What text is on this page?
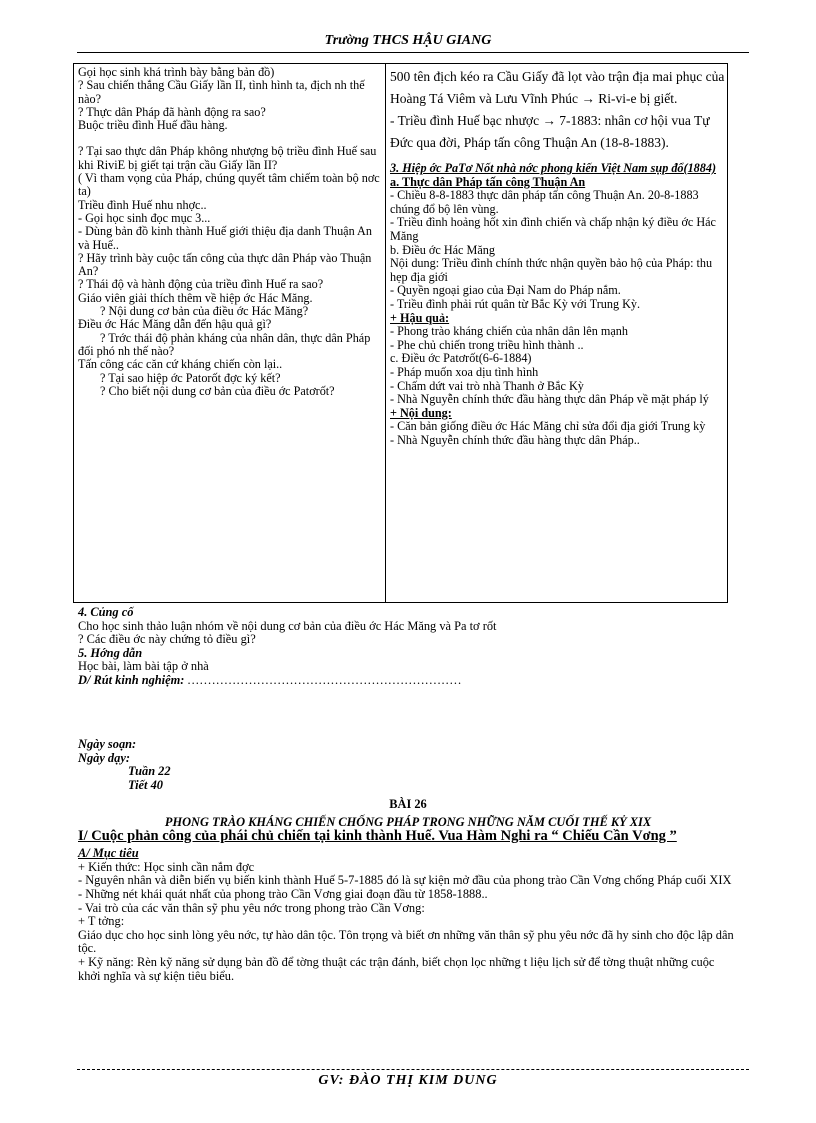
Trường THCS HẬU GIANG

Gọi học sinh khá trình bày bằng bản đồ)

? Sau chiến thắng Cầu Giấy lần II, tình hình ta, địch nh thế nào?

? Thực dân Pháp đã hành động ra sao?

Buộc triều đình Huế đầu hàng.

? Tại sao thực dân Pháp không nhượng bộ triều đình Huế sau khi RiviE bị giết tại trận cầu Giấy lần II?

( Vì tham vọng của Pháp, chúng quyết tâm chiếm toàn bộ nơc ta)

Triều đình Huế nhu nhợc..

- Gọi học sinh đọc mục 3...

- Dùng bản đồ kinh thành Huế giới thiệu địa danh Thuận An và Huế..

? Hãy trình bày cuộc tấn công của thực dân Pháp vào Thuận An?

? Thái độ và hành động của triều đình Huế ra sao?

Giáo viên giải thích thêm về hiệp ớc Hác Măng.

? Nội dung cơ bản của điều ớc Hác Măng?

Điều ớc Hác Măng dẫn đến hậu quả gì?

? Trớc thái độ phản kháng của nhân dân, thực dân Pháp đối phó nh thế nào?

Tấn công các căn cứ kháng chiến còn lại..

? Tại sao hiệp ớc Patorốt đợc ký kết?

? Cho biết nội dung cơ bản của điều ớc Patơrốt?

500 tên địch kéo ra Cầu Giấy đã lọt vào trận địa mai phục của Hoàng Tá Viêm và Lưu Vĩnh Phúc → Ri-vi-e bị giết.

- Triều đình Huế bạc nhược → 7-1883: nhân cơ hội vua Tự Đức qua đời, Pháp tấn công Thuận An (18-8-1883).

3. Hiệp ớc PaTơ Nốt nhà nớc phong kiến Việt Nam sụp đổ(1884)

a. Thực dân Pháp tấn công Thuận An

- Chiều 8-8-1883 thực dân pháp tấn công Thuận An. 20-8-1883 chúng đổ bộ lên vùng.

- Triều đình hoảng hốt xin đình chiến và chấp nhận ký điều ớc Hác Măng

b. Điều ớc Hác Măng

Nội dung: Triều đình chính thức nhận quyền bảo hộ của Pháp: thu hẹp địa giới

- Quyền ngoại giao của Đại Nam do Pháp nắm.

- Triều đình phải rút quân từ Bắc Kỳ với Trung Kỳ.

+ Hậu quả:

- Phong trào kháng chiến của nhân dân lên mạnh

- Phe chủ chiến trong triều hình thành ..

c. Điều ớc Patơrốt(6-6-1884)

- Pháp muốn xoa dịu tình hình

- Chấm dứt vai trò nhà Thanh ở Bắc Kỳ

- Nhà Nguyễn chính thức đầu hàng thực dân Pháp về mặt pháp lý

+ Nội dung:

- Căn bản giống điều ớc Hác Măng chỉ sửa đổi địa giới Trung kỳ

- Nhà Nguyễn chính thức đầu hàng thực dân Pháp..

4. Củng cố

Cho học sinh thảo luận nhóm về nội dung cơ bản của điều ớc Hác Măng và Pa tơ rốt

? Các điều ớc này chứng tỏ điều gì?

5. Hớng dẫn

Học bài, làm bài tập ở nhà

D/ Rút kinh nghiệm: ...................................................................

Ngày soạn:

Ngày dạy:

Tuần 22

Tiết 40

BÀI 26

PHONG TRÀO KHÁNG CHIẾN CHỐNG PHÁP TRONG NHỮNG NĂM CUỐI THẾ KỶ XIX

I/ Cuộc phản công của phái chủ chiến tại kinh thành Huế. Vua Hàm Nghi ra “ Chiếu Cần Vơng ”

A/ Mục tiêu

+ Kiến thức: Học sinh cần nắm đợc

- Nguyên nhân và diễn biến vụ biến kinh thành Huế 5-7-1885 đó là sự kiện mở đầu của phong trào Cần Vơng chống Pháp cuối XIX

- Những nét khái quát nhất của phong trào Cần Vơng giai đoạn đầu từ 1858-1888..

- Vai trò của các văn thân sỹ phu yêu nớc trong phong trào Cần Vơng:

+ T tởng:

Giáo dục cho học sinh lòng yêu nớc, tự hào dân tộc. Tôn trọng và biết ơn những văn thân sỹ phu yêu nớc đã hy sinh cho độc lập dân tộc.

+ Kỹ năng: Rèn kỹ năng sử dụng bản đồ để tờng thuật các trận đánh, biết chọn lọc những t liệu lịch sử để tờng thuật những cuộc khởi nghĩa và sự kiện tiêu biểu.

GV: ĐÀO THỊ KIM DUNG
